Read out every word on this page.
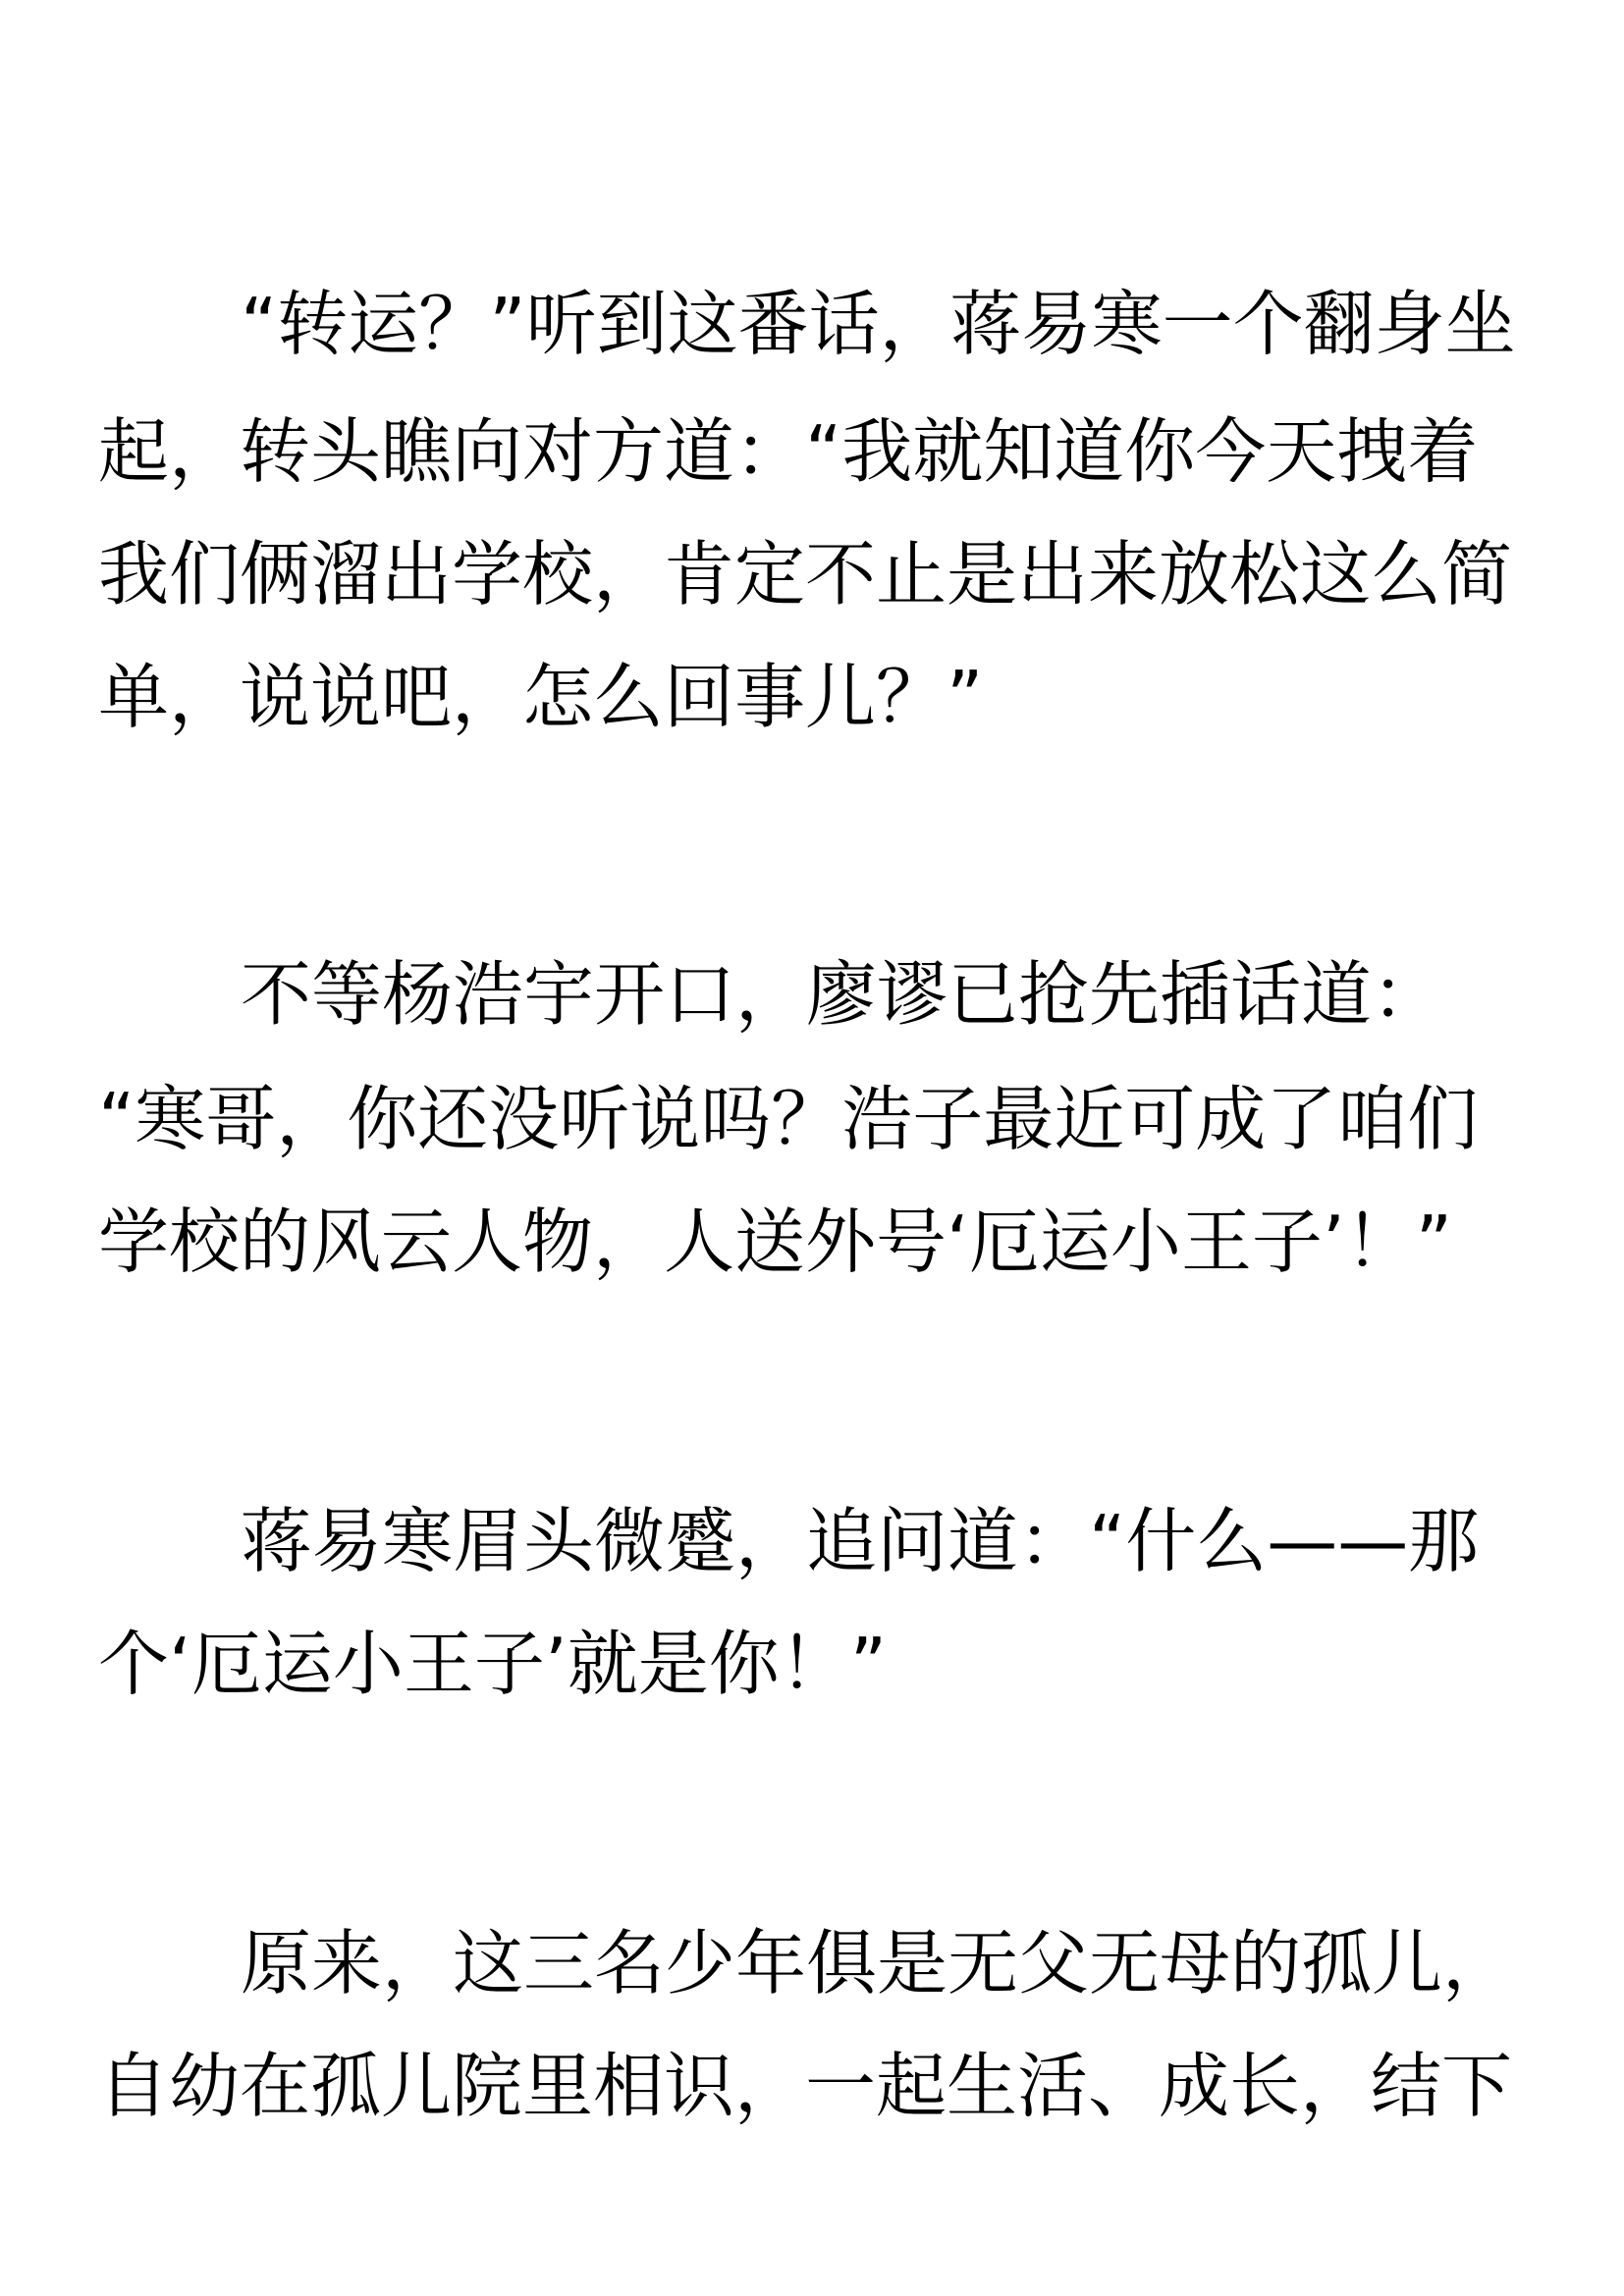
“转运？”听到这番话，蒋易寒一个翻身坐
起，转头瞧向对方道：“我就知道你今天拽着
我们俩溜出学校，肯定不止是出来放松这么简
单，说说吧，怎么回事儿？”
不等杨浩宇开口，廖谬已抢先插话道：
“寒哥，你还没听说吗？浩子最近可成了咱们
学校的风云人物，人送外号‘厄运小王子’！”
蒋易寒眉头微蹙，追问道：“什么——那
个‘厄运小王子’就是你！”
原来，这三名少年俱是无父无母的孤儿，
自幼在孤儿院里相识，一起生活、成长，结下
